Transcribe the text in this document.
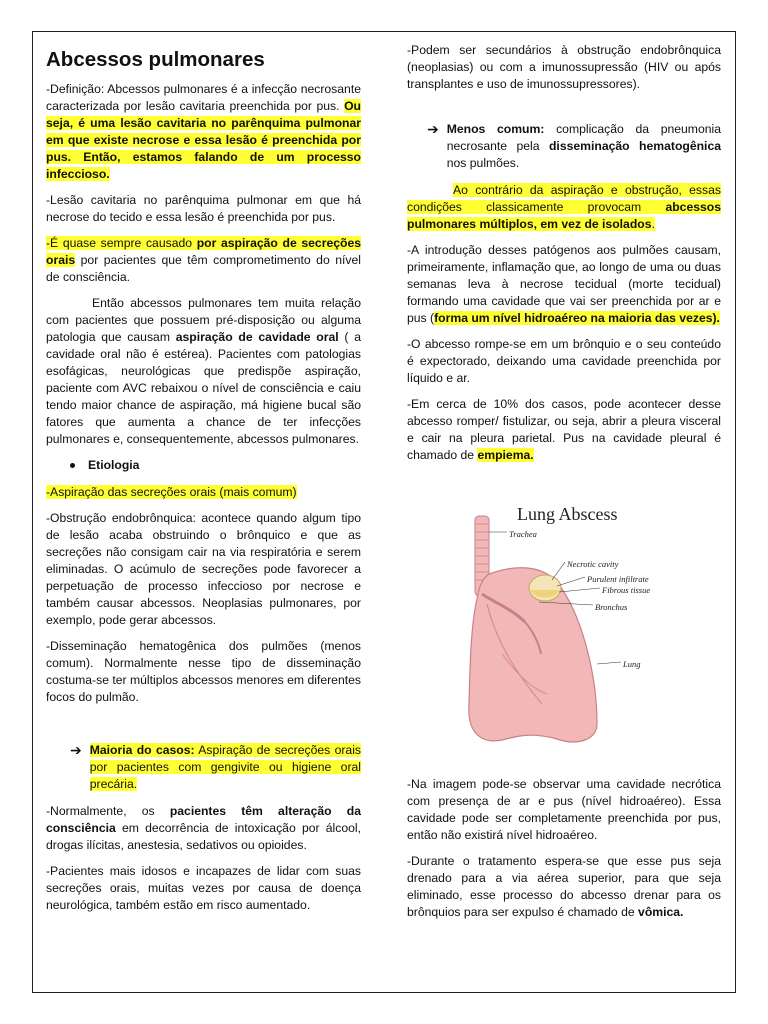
Abcessos pulmonares

-Definição: Abcessos pulmonares é a infecção necrosante caracterizada por lesão cavitaria preenchida por pus. Ou seja, é uma lesão cavitaria no parênquima pulmonar em que existe necrose e essa lesão é preenchida por pus. Então, estamos falando de um processo infeccioso.

-Lesão cavitaria no parênquima pulmonar em que há necrose do tecido e essa lesão é preenchida por pus.

-É quase sempre causado por aspiração de secreções orais por pacientes que têm comprometimento do nível de consciência.

Então abcessos pulmonares tem muita relação com pacientes que possuem pré-disposição ou alguma patologia que causam aspiração de cavidade oral ( a cavidade oral não é estéreа). Pacientes com patologias esofágicas, neurológicas que predispõe aspiração, paciente com AVC rebaixou o nível de consciência e caiu tendo maior chance de aspiração, má higiene bucal são fatores que aumenta a chance de ter infecções pulmonares e, consequentemente, abcessos pulmonares.

Etiologia

-Aspiração das secreções orais (mais comum)

-Obstrução endobrônquica: acontece quando algum tipo de lesão acaba obstruindo o brônquico e que as secreções não consigam cair na via respiratória e serem eliminadas. O acúmulo de secreções pode favorecer a perpetuação de processo infeccioso por necrose e também causar abcessos. Neoplasias pulmonares, por exemplo, pode gerar abcessos.

-Disseminação hematogênica dos pulmões (menos comum). Normalmente nesse tipo de disseminação costuma-se ter múltiplos abcessos menores em diferentes focos do pulmão.

➔ Maioria do casos: Aspiração de secreções orais por pacientes com gengivite ou higiene oral precária.

-Normalmente, os pacientes têm alteração da consciência em decorrência de intoxicação por álcool, drogas ilícitas, anestesia, sedativos ou opioides.

-Pacientes mais idosos e incapazes de lidar com suas secreções orais, muitas vezes por causa de doença neurológica, também estão em risco aumentado.

-Podem ser secundários à obstrução endobrônquica (neoplasias) ou com a imunossupressão (HIV ou após transplantes e uso de imunossupressores).

➔ Menos comum: complicação da pneumonia necrosante pela disseminação hematogênica nos pulmões.

Ao contrário da aspiração e obstrução, essas condições classicamente provocam abcessos pulmonares múltiplos, em vez de isolados.

-A introdução desses patógenos aos pulmões causam, primeiramente, inflamação que, ao longo de uma ou duas semanas leva à necrose tecidual (morte tecidual) formando uma cavidade que vai ser preenchida por ar e pus (forma um nível hidroaéreo na maioria das vezes).

-O abcesso rompe-se em um brônquio e o seu conteúdo é expectorado, deixando uma cavidade preenchida por líquido e ar.

-Em cerca de 10% dos casos, pode acontecer desse abcesso romper/ fistulizar, ou seja, abrir a pleura visceral e cair na pleura parietal. Pus na cavidade pleural é chamado de empiema.

Lung Abscess
Trachea
Necrotic cavity
Purulent infiltrate
Fibrous tissue
Bronchus
Lung

-Na imagem pode-se observar uma cavidade necrótica com presença de ar e pus (nível hidroaéreo). Essa cavidade pode ser completamente preenchida por pus, então não existirá nível hidroaéreo.

-Durante o tratamento espera-se que esse pus seja drenado para a via aérea superior, para que seja eliminado, esse processo do abcesso drenar para os brônquios para ser expulso é chamado de vômica.
